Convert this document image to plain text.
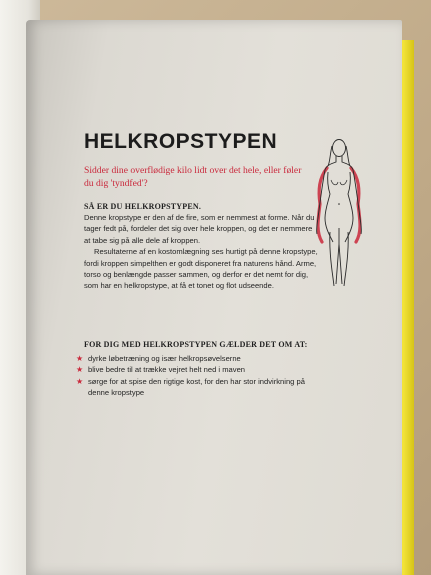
HELKROPSTYPEN
Sidder dine overflødige kilo lidt over det hele, eller føler du dig 'tyndfed'?
SÅ ER DU HELKROPSTYPEN.

Denne kropstype er den af de fire, som er nemmest at forme. Når du tager fedt på, fordeler det sig over hele kroppen, og det er nemmere at tabe sig på alle dele af kroppen.

Resultaterne af en kostomlægning ses hurtigt på denne kropstype, fordi kroppen simpelthen er godt disponeret fra naturens hånd. Arme, torso og benlængde passer sammen, og derfor er det nemt for dig, som har en helkropstype, at få et tonet og flot udseende.

FOR DIG MED HELKROPSTYPEN GÆLDER DET OM AT:
★ dyrke løbetræning og især helkropsøvelserne
★ blive bedre til at trække vejret helt ned i maven
★ sørge for at spise den rigtige kost, for den har stor indvirkning på denne kropstype
